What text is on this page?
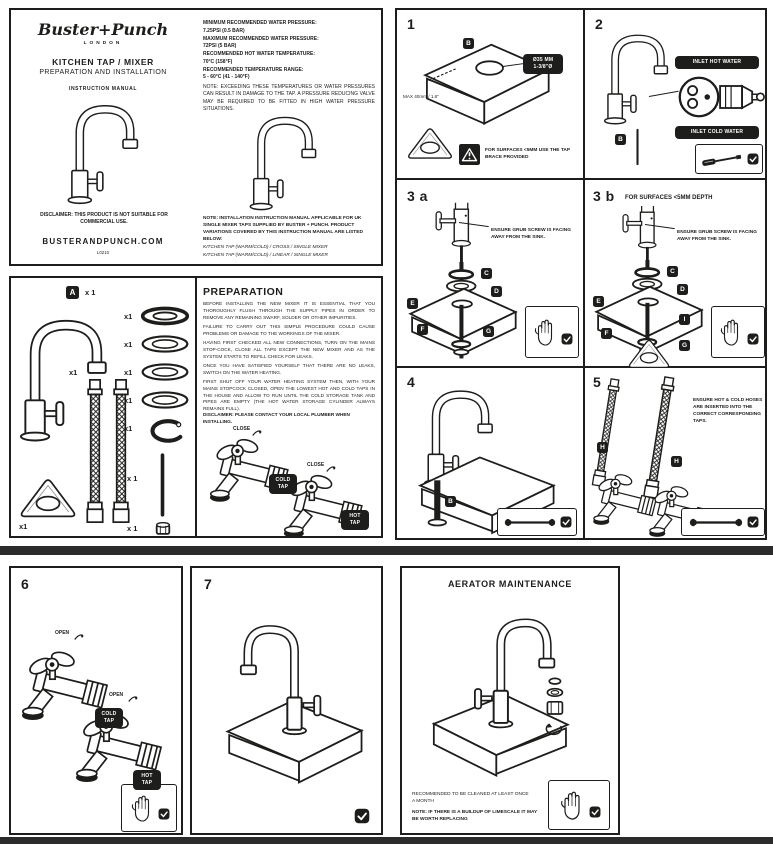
Buster+Punch
LONDON
KITCHEN TAP / MIXER
PREPARATION AND INSTALLATION
INSTRUCTION MANUAL
DISCLAIMER: THIS PRODUCT IS NOT SUITABLE FOR COMMERCIAL USE.
BUSTERANDPUNCH.COM
L0210
MINIMUM RECOMMENDED WATER PRESSURE:
7.25PSI (0.5 BAR)
MAXIMUM RECOMMENDED WATER PRESSURE:
72PSI (5 BAR)
RECOMMENDED HOT WATER TEMPERATURE:
70°C (158°F)
RECOMMENDED TEMPERATURE RANGE:
5 - 60°C (41 - 140°F)
NOTE: EXCEEDING THESE TEMPERATURES OR WATER PRESSURES CAN RESULT IN DAMAGE TO THE TAP. A PRESSURE REDUCING VALVE MAY BE REQUIRED TO BE FITTED IN HIGH WATER PRESSURE SITUATIONS.
NOTE: INSTALLATION INSTRUCTION MANUAL APPLICABLE FOR UK SINGLE MIXER TAPS SUPPLIED BY BUSTER + PUNCH. PRODUCT VARIATIONS COVERED BY THIS INSTRUCTION MANUAL ARE LISTED BELOW:
KITCHEN TAP (WARM/COLD) / CROSS / SINGLE MIXER
KITCHEN TAP (WARM/COLD) / LINEAR / SINGLE MIXER
A	x 1
x1
x1
x1
x1
x1
x1
x 1
x 1
x1
PREPARATION
BEFORE INSTALLING THE NEW MIXER IT IS ESSENTIAL THAT YOU THOROUGHLY FLUSH THROUGH THE SUPPLY PIPES IN ORDER TO REMOVE ANY REMAINING SWARF, SOLDER OR OTHER IMPURITIES.
FAILURE TO CARRY OUT THIS SIMPLE PROCEDURE COULD CAUSE PROBLEMS OR DAMAGE TO THE WORKINGS OF THE MIXER.
HAVING FIRST CHECKED ALL NEW CONNECTIONS, TURN ON THE MAINS STOP-COCK, CLOSE ALL TAPS EXCEPT THE NEW MIXER AND AS THE SYSTEM STARTS TO REFILL CHECK FOR LEAKS.
ONCE YOU HAVE SATISFIED YOURSELF THAT THERE ARE NO LEAKS, SWITCH ON THE WATER HEATING.
FIRST SHUT OFF YOUR WATER HEATING SYSTEM THEN, WITH YOUR MAINS STOPCOCK CLOSED, OPEN THE LOWEST HOT AND COLD TAPS IN THE HOUSE AND ALLOW TO RUN UNTIL THE COLD STORAGE TANK AND PIPES ARE EMPTY (THE HOT WATER STORAGE CYLINDER ALWAYS REMAINS FULL).
DISCLAIMER: PLEASE CONTACT YOUR LOCAL PLUMBER WHEN INSTALLING.
CLOSE
CLOSE
COLD TAP
HOT TAP
1
B
Ø35 MM
1-3/8"Ø
MAX 40mm / 1.6"
FOR SURFACES <5MM USE THE TAP BRACE PROVIDED
2
B
INLET HOT WATER
INLET COLD WATER
3 a
ENSURE GRUB SCREW IS FACING AWAY FROM THE SINK.
C
D
E
F	G
3 b FOR SURFACES <5MM DEPTH
ENSURE GRUB SCREW IS FACING AWAY FROM THE SINK.
C
D
E
I
F
G
4
B
5
ENSURE HOT & COLD HOSES ARE INSERTED INTO THE CORRECT CORRESPONDING TAPS.
H
H
6
OPEN
OPEN
COLD TAP
HOT TAP
7	AERATOR MAINTENANCE
RECOMMENDED TO BE CLEANED AT LEAST ONCE A MONTH
NOTE: IF THERE IS A BUILDUP OF LIMESCALE IT MAY BE WORTH REPLACING
